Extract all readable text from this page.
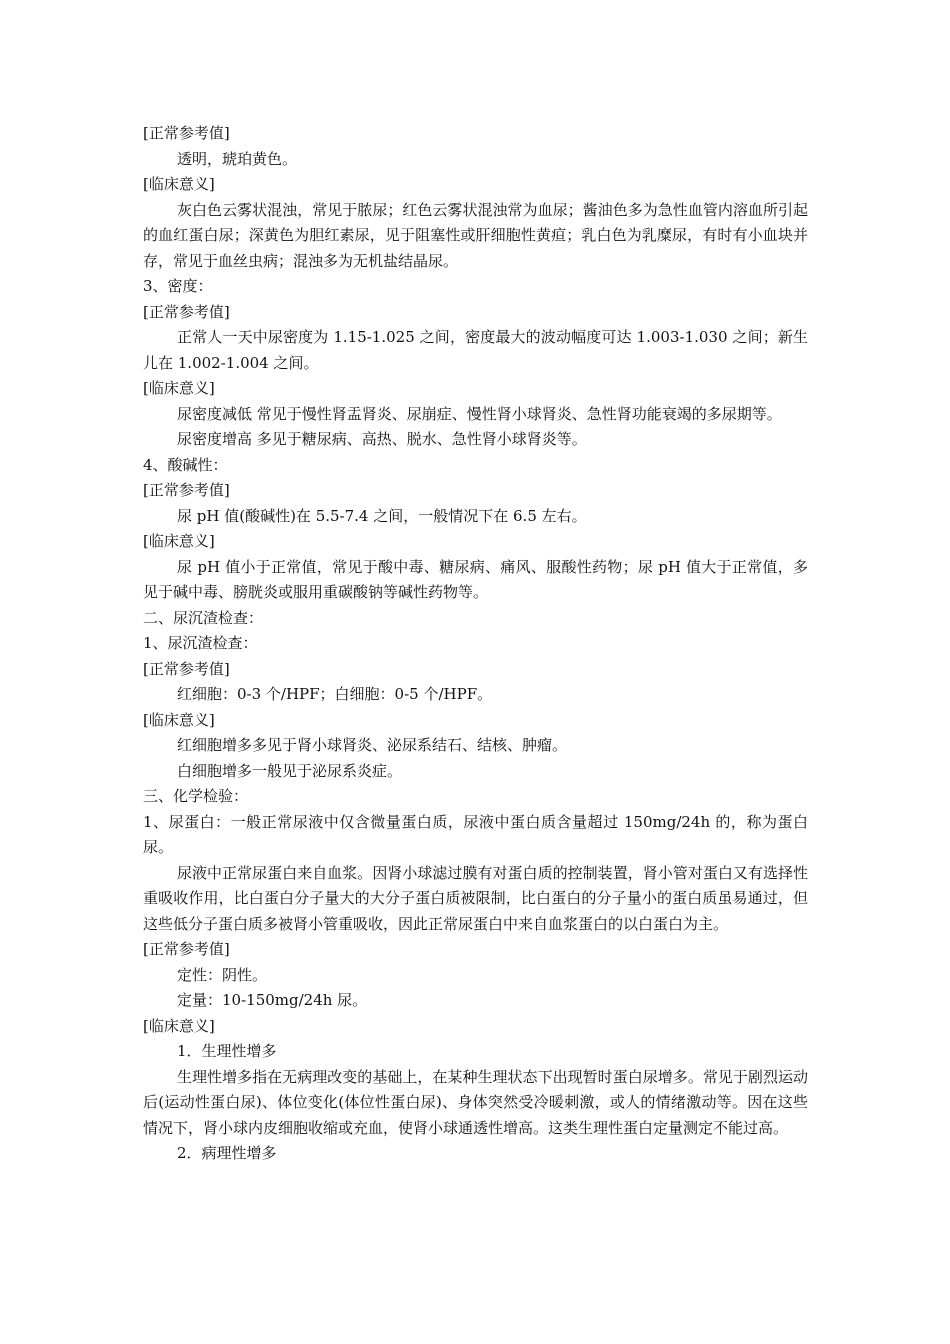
[正常参考值]

透明，琥珀黄色。

[临床意义]

灰白色云雾状混浊，常见于脓尿；红色云雾状混浊常为血尿；酱油色多为急性血管内溶血所引起的血红蛋白尿；深黄色为胆红素尿，见于阻塞性或肝细胞性黄疸；乳白色为乳糜尿，有时有小血块并存，常见于血丝虫病；混浊多为无机盐结晶尿。

3、密度：

[正常参考值]

正常人一天中尿密度为 1.15-1.025 之间，密度最大的波动幅度可达 1.003-1.030 之间；新生儿在 1.002-1.004 之间。

[临床意义]

尿密度减低 常见于慢性肾盂肾炎、尿崩症、慢性肾小球肾炎、急性肾功能衰竭的多尿期等。

尿密度增高 多见于糖尿病、高热、脱水、急性肾小球肾炎等。

4、酸碱性：

[正常参考值]

尿 pH 值(酸碱性)在 5.5-7.4 之间，一般情况下在 6.5 左右。

[临床意义]

尿 pH 值小于正常值，常见于酸中毒、糖尿病、痛风、服酸性药物；尿 pH 值大于正常值，多见于碱中毒、膀胱炎或服用重碳酸钠等碱性药物等。

二、尿沉渣检查：

1、尿沉渣检查：

[正常参考值]

红细胞：0-3 个/HPF；白细胞：0-5 个/HPF。

[临床意义]

红细胞增多多见于肾小球肾炎、泌尿系结石、结核、肿瘤。

白细胞增多一般见于泌尿系炎症。

三、化学检验：

1、尿蛋白：一般正常尿液中仅含微量蛋白质，尿液中蛋白质含量超过 150mg/24h 的，称为蛋白尿。

尿液中正常尿蛋白来自血浆。因肾小球滤过膜有对蛋白质的控制装置，肾小管对蛋白又有选择性重吸收作用，比白蛋白分子量大的大分子蛋白质被限制，比白蛋白的分子量小的蛋白质虽易通过，但这些低分子蛋白质多被肾小管重吸收，因此正常尿蛋白中来自血浆蛋白的以白蛋白为主。

[正常参考值]

定性：阴性。

定量：10-150mg/24h 尿。

[临床意义]

1．生理性增多

生理性增多指在无病理改变的基础上，在某种生理状态下出现暂时蛋白尿增多。常见于剧烈运动后(运动性蛋白尿)、体位变化(体位性蛋白尿)、身体突然受冷暖刺激，或人的情绪激动等。因在这些情况下，肾小球内皮细胞收缩或充血，使肾小球通透性增高。这类生理性蛋白定量测定不能过高。

2．病理性增多
